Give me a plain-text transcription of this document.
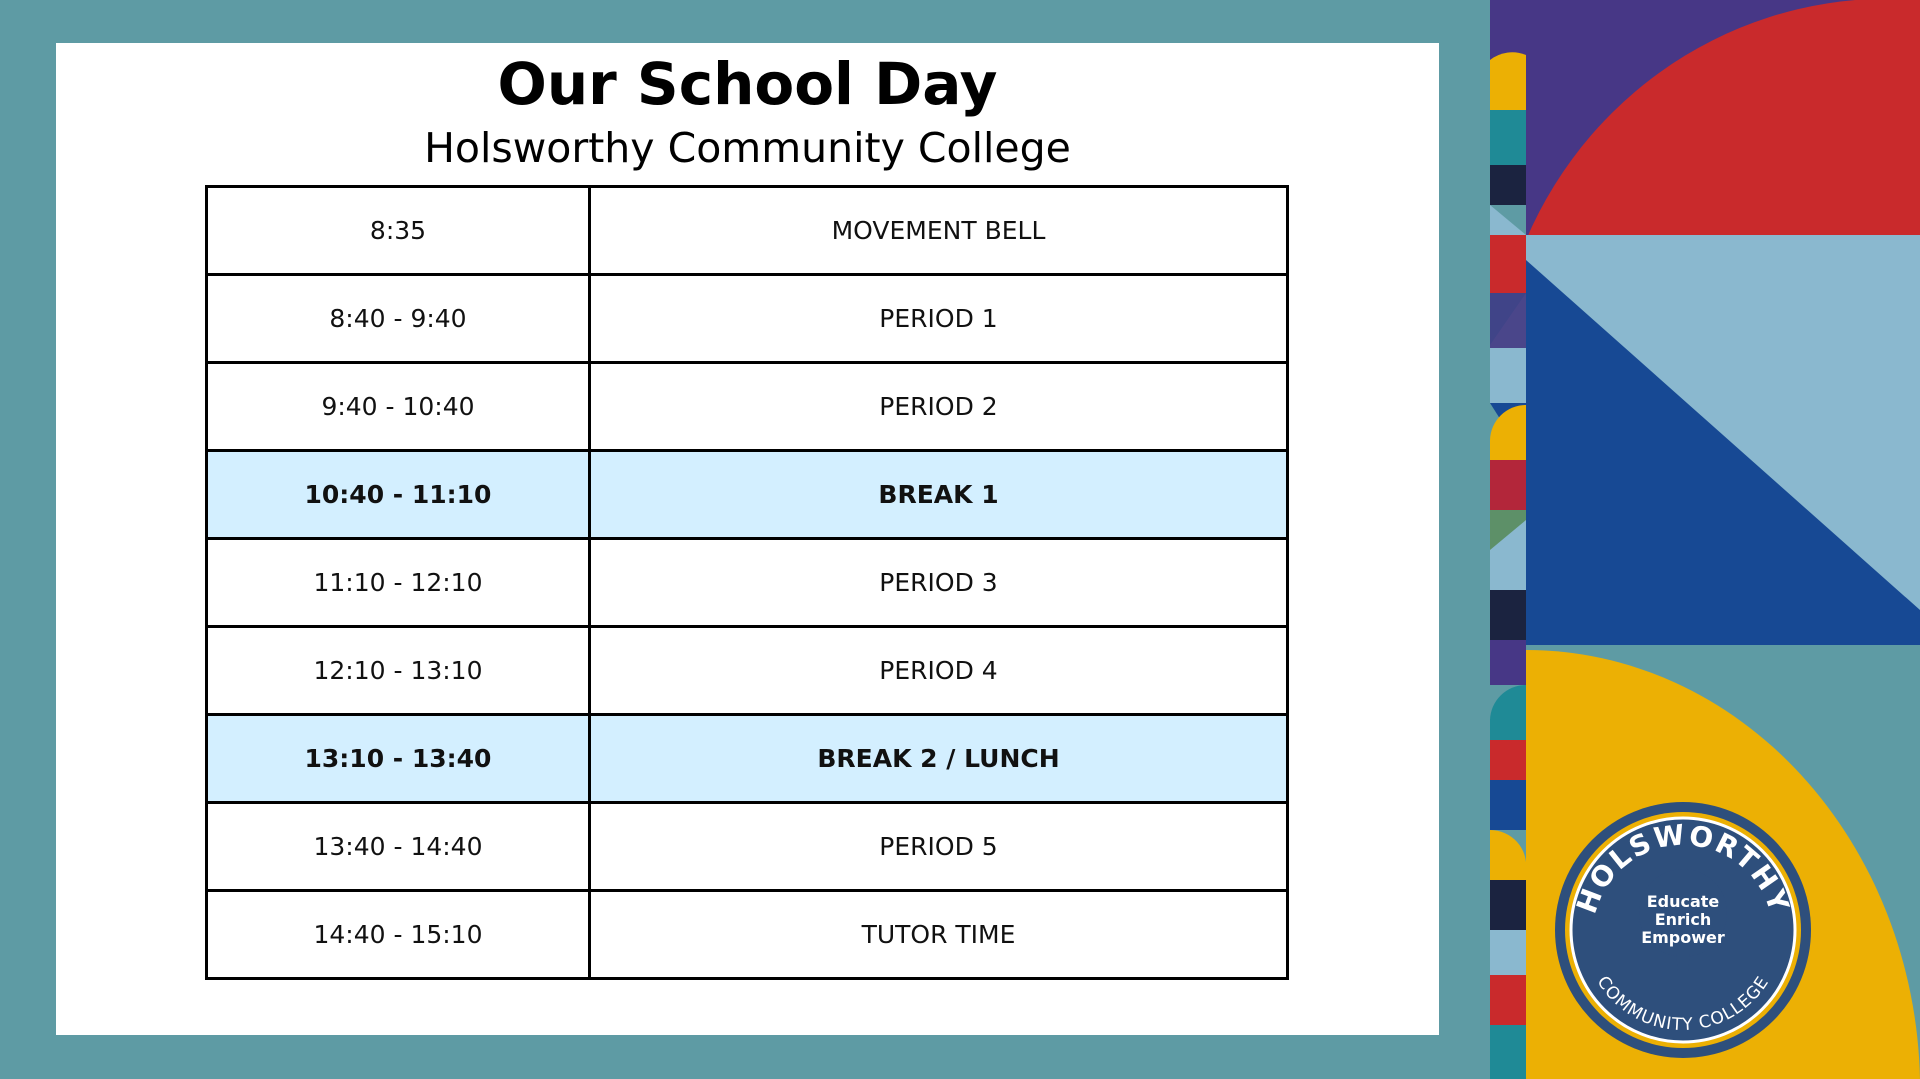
Our School Day
Holsworthy Community College
8:35	MOVEMENT BELL
8:40 - 9:40	PERIOD 1
9:40 - 10:40	PERIOD 2
10:40 - 11:10	BREAK 1
11:10 - 12:10	PERIOD 3
12:10 - 13:10	PERIOD 4
13:10 - 13:40	BREAK 2 / LUNCH
13:40 - 14:40	PERIOD 5
14:40 - 15:10	TUTOR TIME
HOLSWORTHY
COMMUNITY COLLEGE
Educate
Enrich
Empower
